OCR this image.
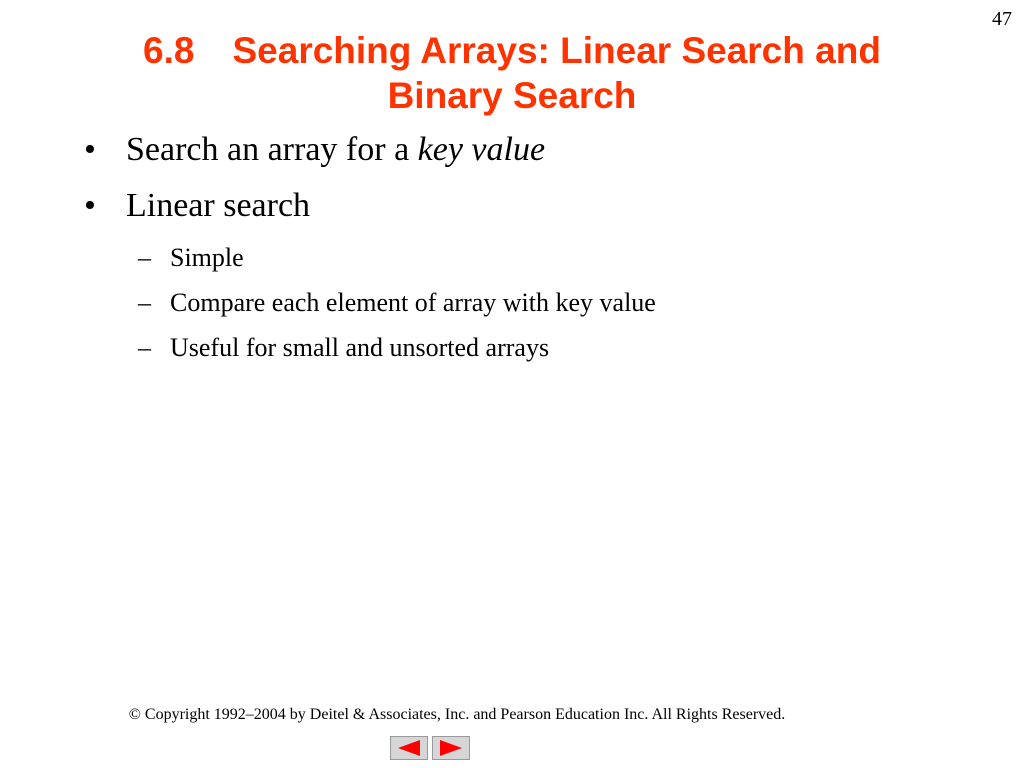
47
6.8 Searching Arrays: Linear Search and
Binary Search
• Search an array for a key value
• Linear search
– Simple
– Compare each element of array with key value
– Useful for small and unsorted arrays
© Copyright 1992–2004 by Deitel & Associates, Inc. and Pearson Education Inc. All Rights Reserved.
